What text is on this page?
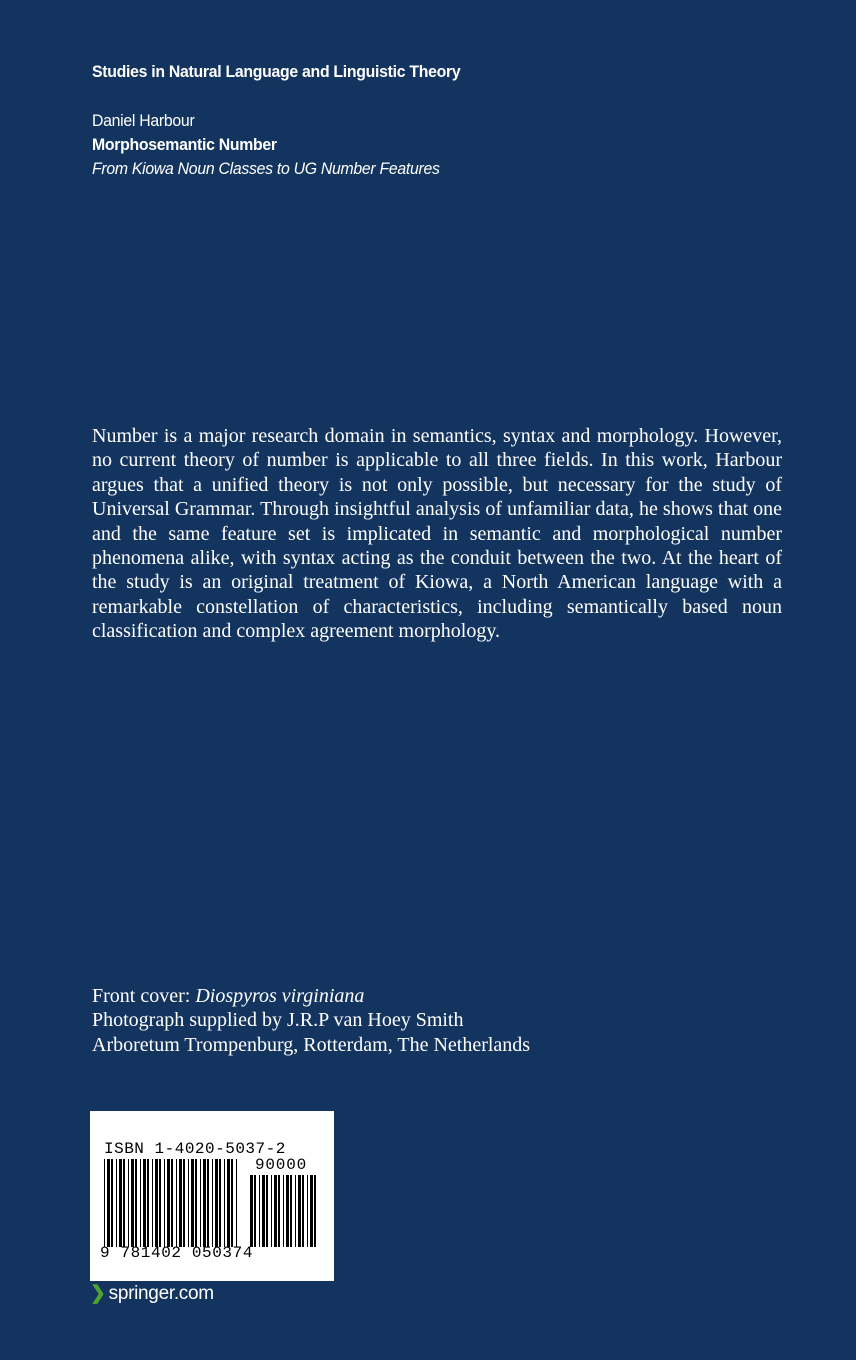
Studies in Natural Language and Linguistic Theory
Daniel Harbour
Morphosemantic Number
From Kiowa Noun Classes to UG Number Features

Number is a major research domain in semantics, syntax and morphology. However, no current theory of number is applicable to all three fields. In this work, Harbour argues that a unified theory is not only possible, but necessary for the study of Universal Grammar. Through insightful analysis of unfamiliar data, he shows that one and the same feature set is implicated in semantic and morphological number phenomena alike, with syntax acting as the conduit between the two. At the heart of the study is an original treatment of Kiowa, a North American language with a remarkable constellation of characteristics, including semantically based noun classification and complex agreement morphology.

Front cover: Diospyros virginiana
Photograph supplied by J.R.P van Hoey Smith
Arboretum Trompenburg, Rotterdam, The Netherlands
ISBN 1-4020-5037-2
90000
9 781402 050374
❯ springer.com
